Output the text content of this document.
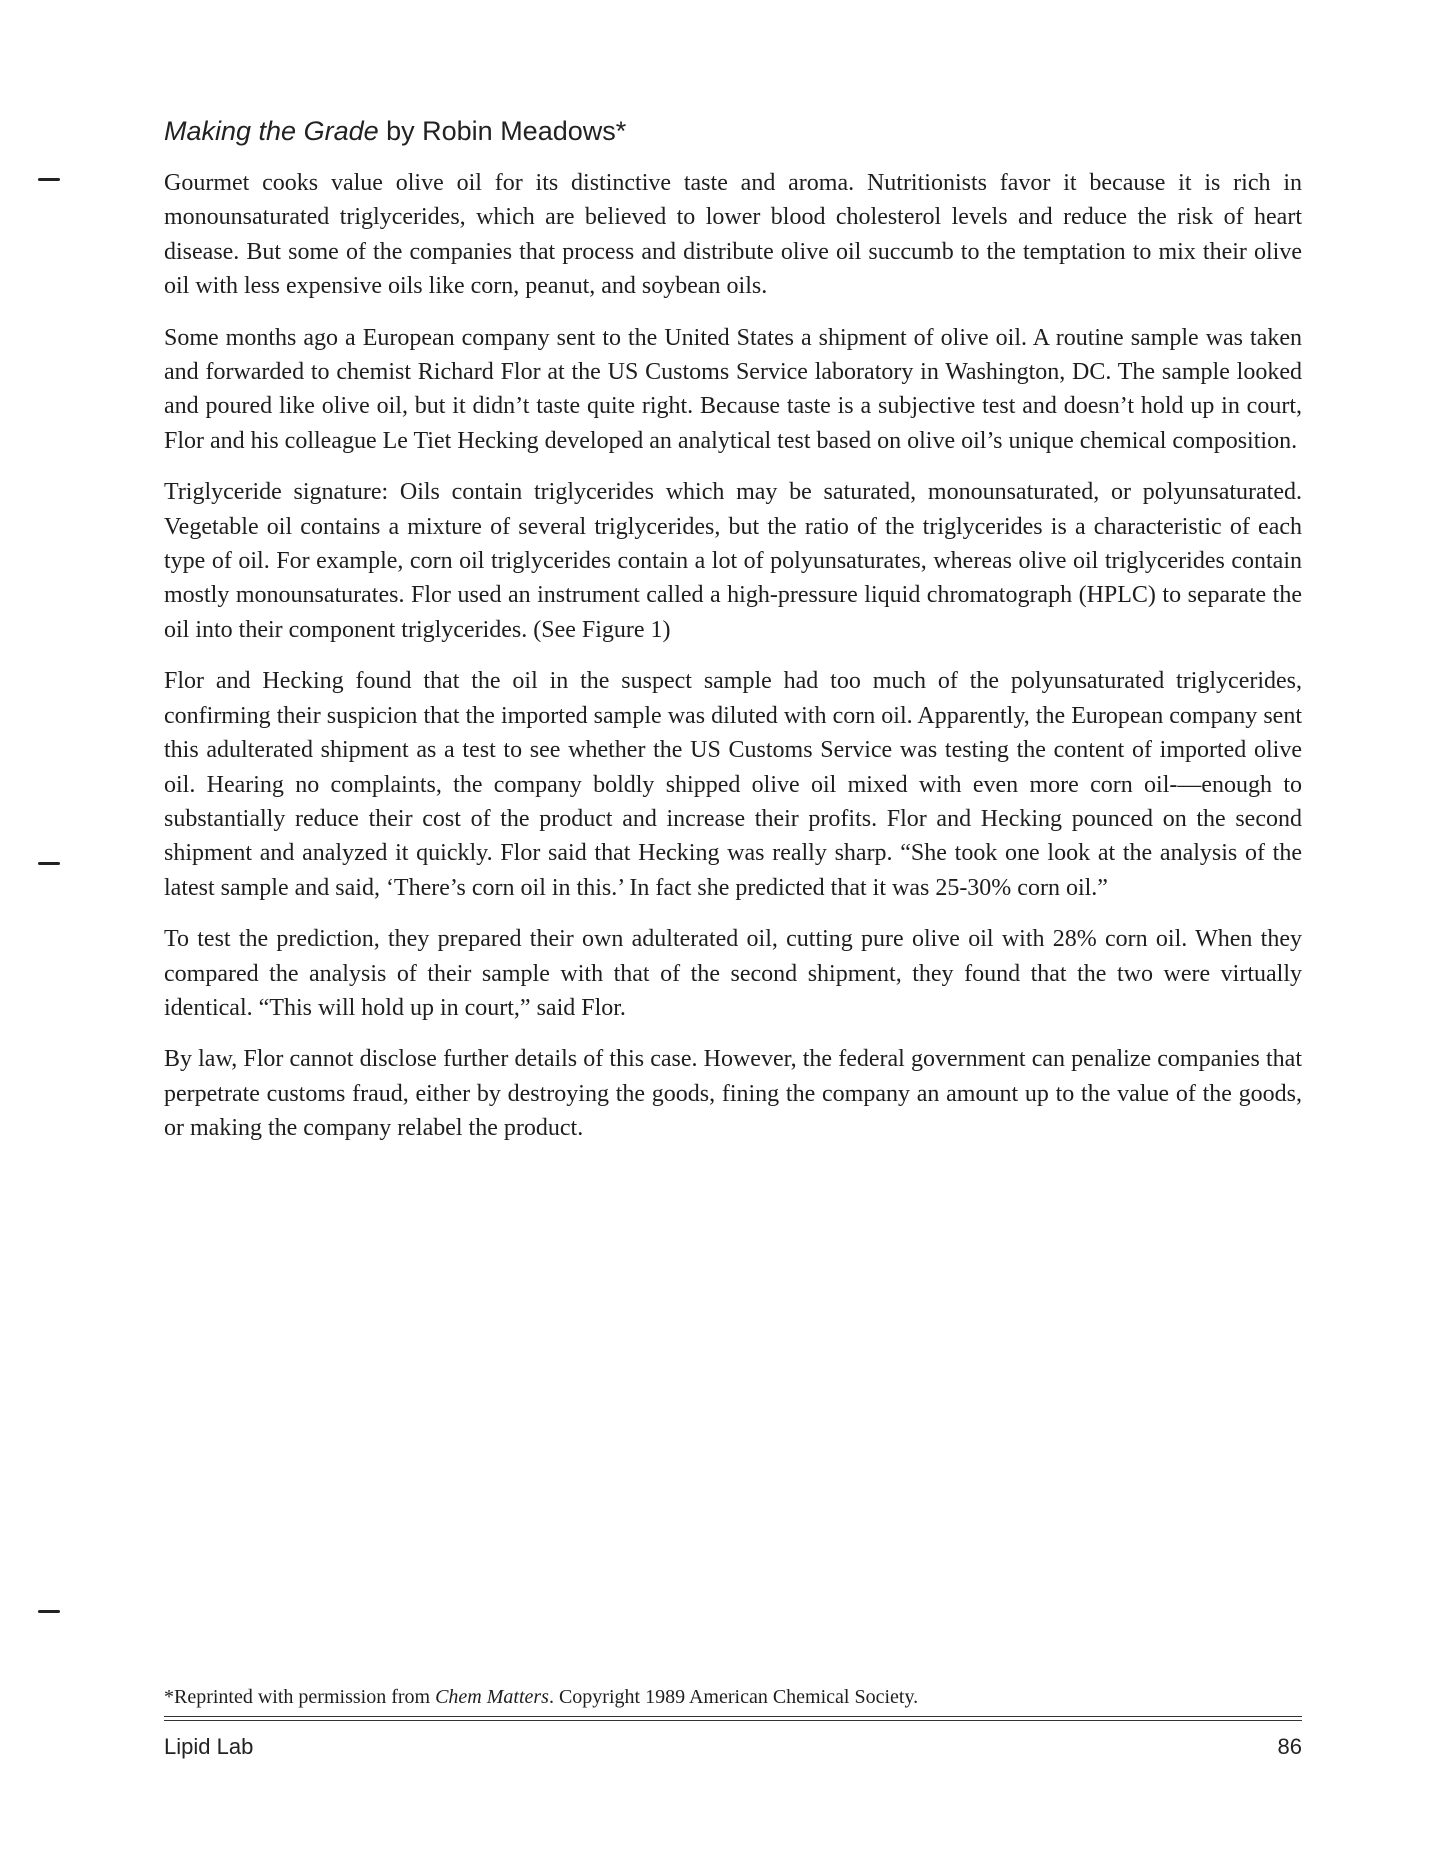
Making the Grade by Robin Meadows*

Gourmet cooks value olive oil for its distinctive taste and aroma. Nutritionists favor it because it is rich in monounsaturated triglycerides, which are believed to lower blood cholesterol levels and reduce the risk of heart disease. But some of the companies that process and distribute olive oil succumb to the temptation to mix their olive oil with less expensive oils like corn, peanut, and soybean oils.

Some months ago a European company sent to the United States a shipment of olive oil. A routine sample was taken and forwarded to chemist Richard Flor at the US Customs Service laboratory in Washington, DC. The sample looked and poured like olive oil, but it didn’t taste quite right. Because taste is a subjective test and doesn’t hold up in court, Flor and his colleague Le Tiet Hecking developed an analytical test based on olive oil’s unique chemical composition.

Triglyceride signature: Oils contain triglycerides which may be saturated, monounsaturated, or polyunsaturated. Vegetable oil contains a mixture of several triglycerides, but the ratio of the triglycerides is a characteristic of each type of oil. For example, corn oil triglycerides contain a lot of polyunsaturates, whereas olive oil triglycerides contain mostly monounsaturates. Flor used an instrument called a high-pressure liquid chromatograph (HPLC) to separate the oil into their component triglycerides. (See Figure 1)

Flor and Hecking found that the oil in the suspect sample had too much of the polyunsaturated triglycerides, confirming their suspicion that the imported sample was diluted with corn oil. Apparently, the European company sent this adulterated shipment as a test to see whether the US Customs Service was testing the content of imported olive oil. Hearing no complaints, the company boldly shipped olive oil mixed with even more corn oil-—enough to substantially reduce their cost of the product and increase their profits. Flor and Hecking pounced on the second shipment and analyzed it quickly. Flor said that Hecking was really sharp. “She took one look at the analysis of the latest sample and said, ‘There’s corn oil in this.’ In fact she predicted that it was 25-30% corn oil.”

To test the prediction, they prepared their own adulterated oil, cutting pure olive oil with 28% corn oil. When they compared the analysis of their sample with that of the second shipment, they found that the two were virtually identical. “This will hold up in court,” said Flor.

By law, Flor cannot disclose further details of this case. However, the federal government can penalize companies that perpetrate customs fraud, either by destroying the goods, fining the company an amount up to the value of the goods, or making the company relabel the product.

*Reprinted with permission from Chem Matters. Copyright 1989 American Chemical Society.
Lipid Lab	86
